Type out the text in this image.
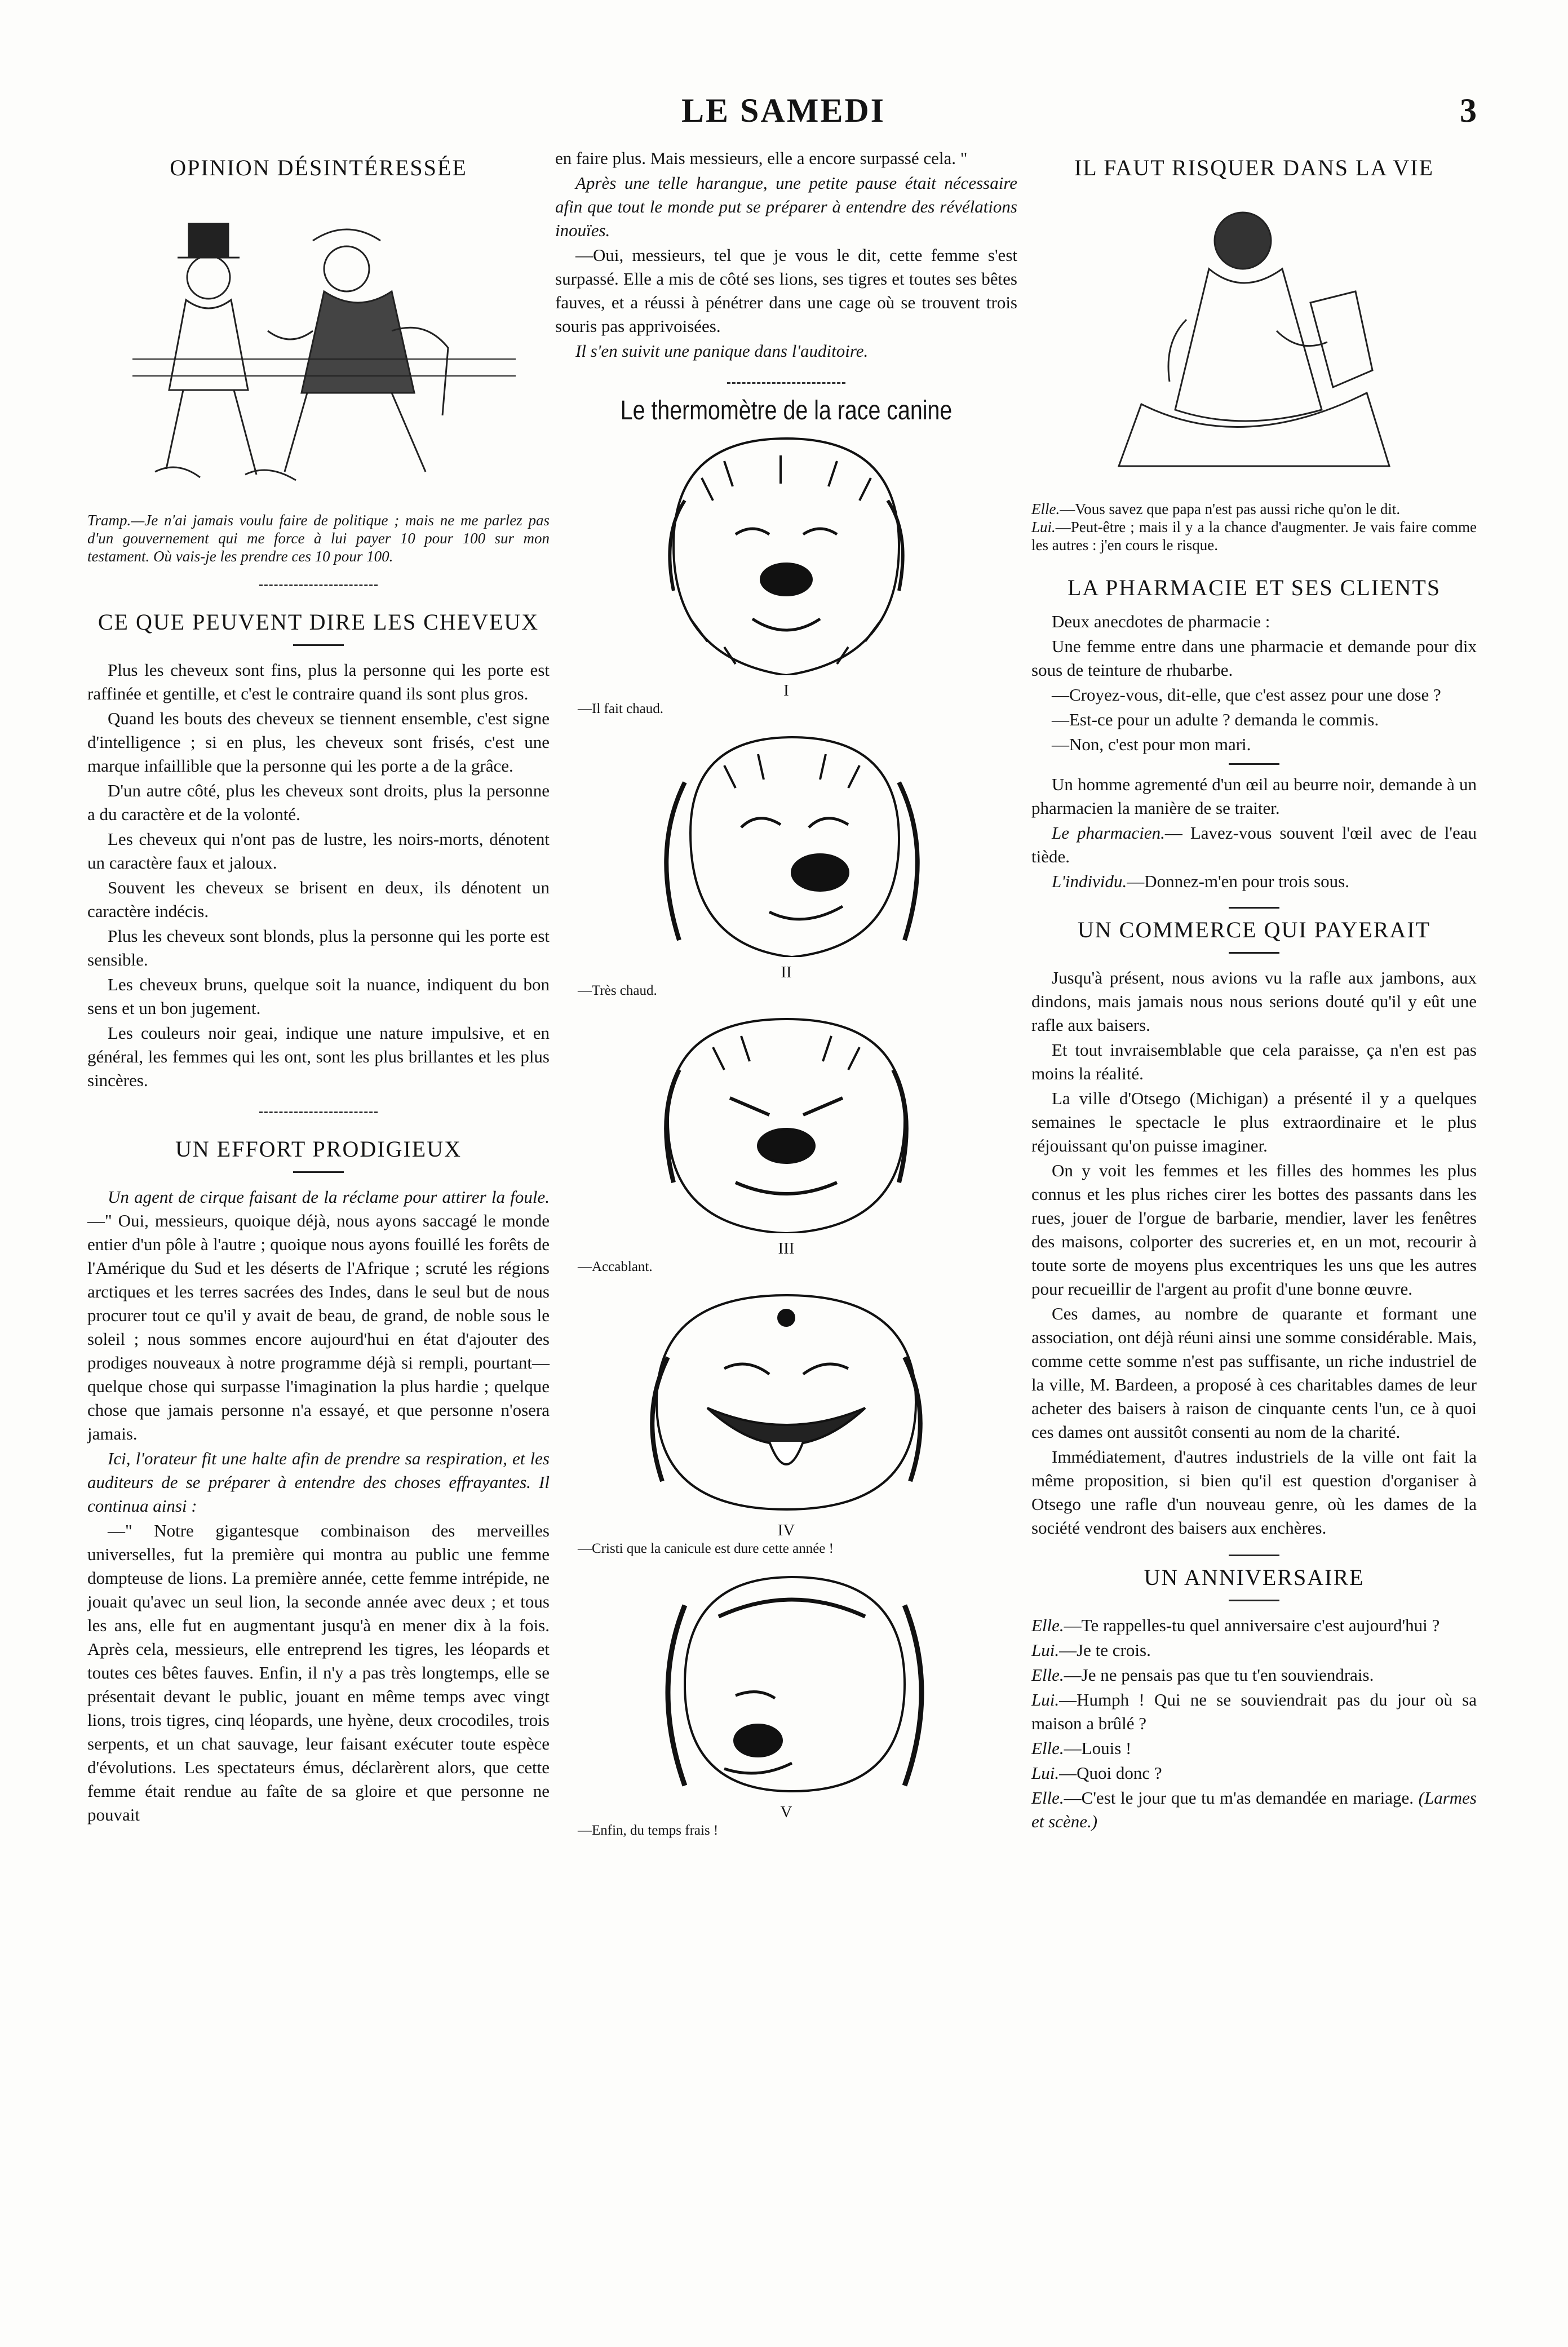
LE SAMEDI	3
OPINION DÉSINTÉRESSÉE
Tramp.—Je n'ai jamais voulu faire de politique ; mais ne me parlez pas d'un gouvernement qui me force à lui payer 10 pour 100 sur mon testament. Où vais-je les prendre ces 10 pour 100.
CE QUE PEUVENT DIRE LES CHEVEUX

Plus les cheveux sont fins, plus la personne qui les porte est raffinée et gentille, et c'est le contraire quand ils sont plus gros.

Quand les bouts des cheveux se tiennent ensemble, c'est signe d'intelligence ; si en plus, les cheveux sont frisés, c'est une marque infaillible que la personne qui les porte a de la grâce.

D'un autre côté, plus les cheveux sont droits, plus la personne a du caractère et de la volonté.

Les cheveux qui n'ont pas de lustre, les noirs-morts, dénotent un caractère faux et jaloux.

Souvent les cheveux se brisent en deux, ils dénotent un caractère indécis.

Plus les cheveux sont blonds, plus la personne qui les porte est sensible.

Les cheveux bruns, quelque soit la nuance, indiquent du bon sens et un bon jugement.

Les couleurs noir geai, indique une nature impulsive, et en général, les femmes qui les ont, sont les plus brillantes et les plus sincères.

UN EFFORT PRODIGIEUX

Un agent de cirque faisant de la réclame pour attirer la foule.—" Oui, messieurs, quoique déjà, nous ayons saccagé le monde entier d'un pôle à l'autre ; quoique nous ayons fouillé les forêts de l'Amérique du Sud et les déserts de l'Afrique ; scruté les régions arctiques et les terres sacrées des Indes, dans le seul but de nous procurer tout ce qu'il y avait de beau, de grand, de noble sous le soleil ; nous sommes encore aujourd'hui en état d'ajouter des prodiges nouveaux à notre programme déjà si rempli, pourtant—quelque chose qui surpasse l'imagination la plus hardie ; quelque chose que jamais personne n'a essayé, et que personne n'osera jamais.

Ici, l'orateur fit une halte afin de prendre sa respiration, et les auditeurs de se préparer à entendre des choses effrayantes. Il continua ainsi :

—" Notre gigantesque combinaison des merveilles universelles, fut la première qui montra au public une femme dompteuse de lions. La première année, cette femme intrépide, ne jouait qu'avec un seul lion, la seconde année avec deux ; et tous les ans, elle fut en augmentant jusqu'à en mener dix à la fois. Après cela, messieurs, elle entreprend les tigres, les léopards et toutes ces bêtes fauves. Enfin, il n'y a pas très longtemps, elle se présentait devant le public, jouant en même temps avec vingt lions, trois tigres, cinq léopards, une hyène, deux crocodiles, trois serpents, et un chat sauvage, leur faisant exécuter toute espèce d'évolutions. Les spectateurs émus, déclarèrent alors, que cette femme était rendue au faîte de sa gloire et que personne ne pouvait

en faire plus. Mais messieurs, elle a encore surpassé cela. "

Après une telle harangue, une petite pause était nécessaire afin que tout le monde put se préparer à entendre des révélations inouïes.

—Oui, messieurs, tel que je vous le dit, cette femme s'est surpassé. Elle a mis de côté ses lions, ses tigres et toutes ses bêtes fauves, et a réussi à pénétrer dans une cage où se trouvent trois souris pas apprivoisées.

Il s'en suivit une panique dans l'auditoire.

Le thermomètre de la race canine
I
—Il fait chaud.
II
—Très chaud.
III
—Accablant.
IV
—Cristi que la canicule est dure cette année !
V
—Enfin, du temps frais !
IL FAUT RISQUER DANS LA VIE
Elle.—Vous savez que papa n'est pas aussi riche qu'on le dit.
Lui.—Peut-être ; mais il y a la chance d'augmenter. Je vais faire comme les autres : j'en cours le risque.
LA PHARMACIE ET SES CLIENTS

Deux anecdotes de pharmacie :

Une femme entre dans une pharmacie et demande pour dix sous de teinture de rhubarbe.

—Croyez-vous, dit-elle, que c'est assez pour une dose ?

—Est-ce pour un adulte ? demanda le commis.

—Non, c'est pour mon mari.

Un homme agrementé d'un œil au beurre noir, demande à un pharmacien la manière de se traiter.

Le pharmacien.— Lavez-vous souvent l'œil avec de l'eau tiède.

L'individu.—Donnez-m'en pour trois sous.

UN COMMERCE QUI PAYERAIT

Jusqu'à présent, nous avions vu la rafle aux jambons, aux dindons, mais jamais nous nous serions douté qu'il y eût une rafle aux baisers.

Et tout invraisemblable que cela paraisse, ça n'en est pas moins la réalité.

La ville d'Otsego (Michigan) a présenté il y a quelques semaines le spectacle le plus extraordinaire et le plus réjouissant qu'on puisse imaginer.

On y voit les femmes et les filles des hommes les plus connus et les plus riches cirer les bottes des passants dans les rues, jouer de l'orgue de barbarie, mendier, laver les fenêtres des maisons, colporter des sucreries et, en un mot, recourir à toute sorte de moyens plus excentriques les uns que les autres pour recueillir de l'argent au profit d'une bonne œuvre.

Ces dames, au nombre de quarante et formant une association, ont déjà réuni ainsi une somme considérable. Mais, comme cette somme n'est pas suffisante, un riche industriel de la ville, M. Bardeen, a proposé à ces charitables dames de leur acheter des baisers à raison de cinquante cents l'un, ce à quoi ces dames ont aussitôt consenti au nom de la charité.

Immédiatement, d'autres industriels de la ville ont fait la même proposition, si bien qu'il est question d'organiser à Otsego une rafle d'un nouveau genre, où les dames de la société vendront des baisers aux enchères.

UN ANNIVERSAIRE

Elle.—Te rappelles-tu quel anniversaire c'est aujourd'hui ?

Lui.—Je te crois.

Elle.—Je ne pensais pas que tu t'en souviendrais.

Lui.—Humph ! Qui ne se souviendrait pas du jour où sa maison a brûlé ?

Elle.—Louis !

Lui.—Quoi donc ?

Elle.—C'est le jour que tu m'as demandée en mariage. (Larmes et scène.)
